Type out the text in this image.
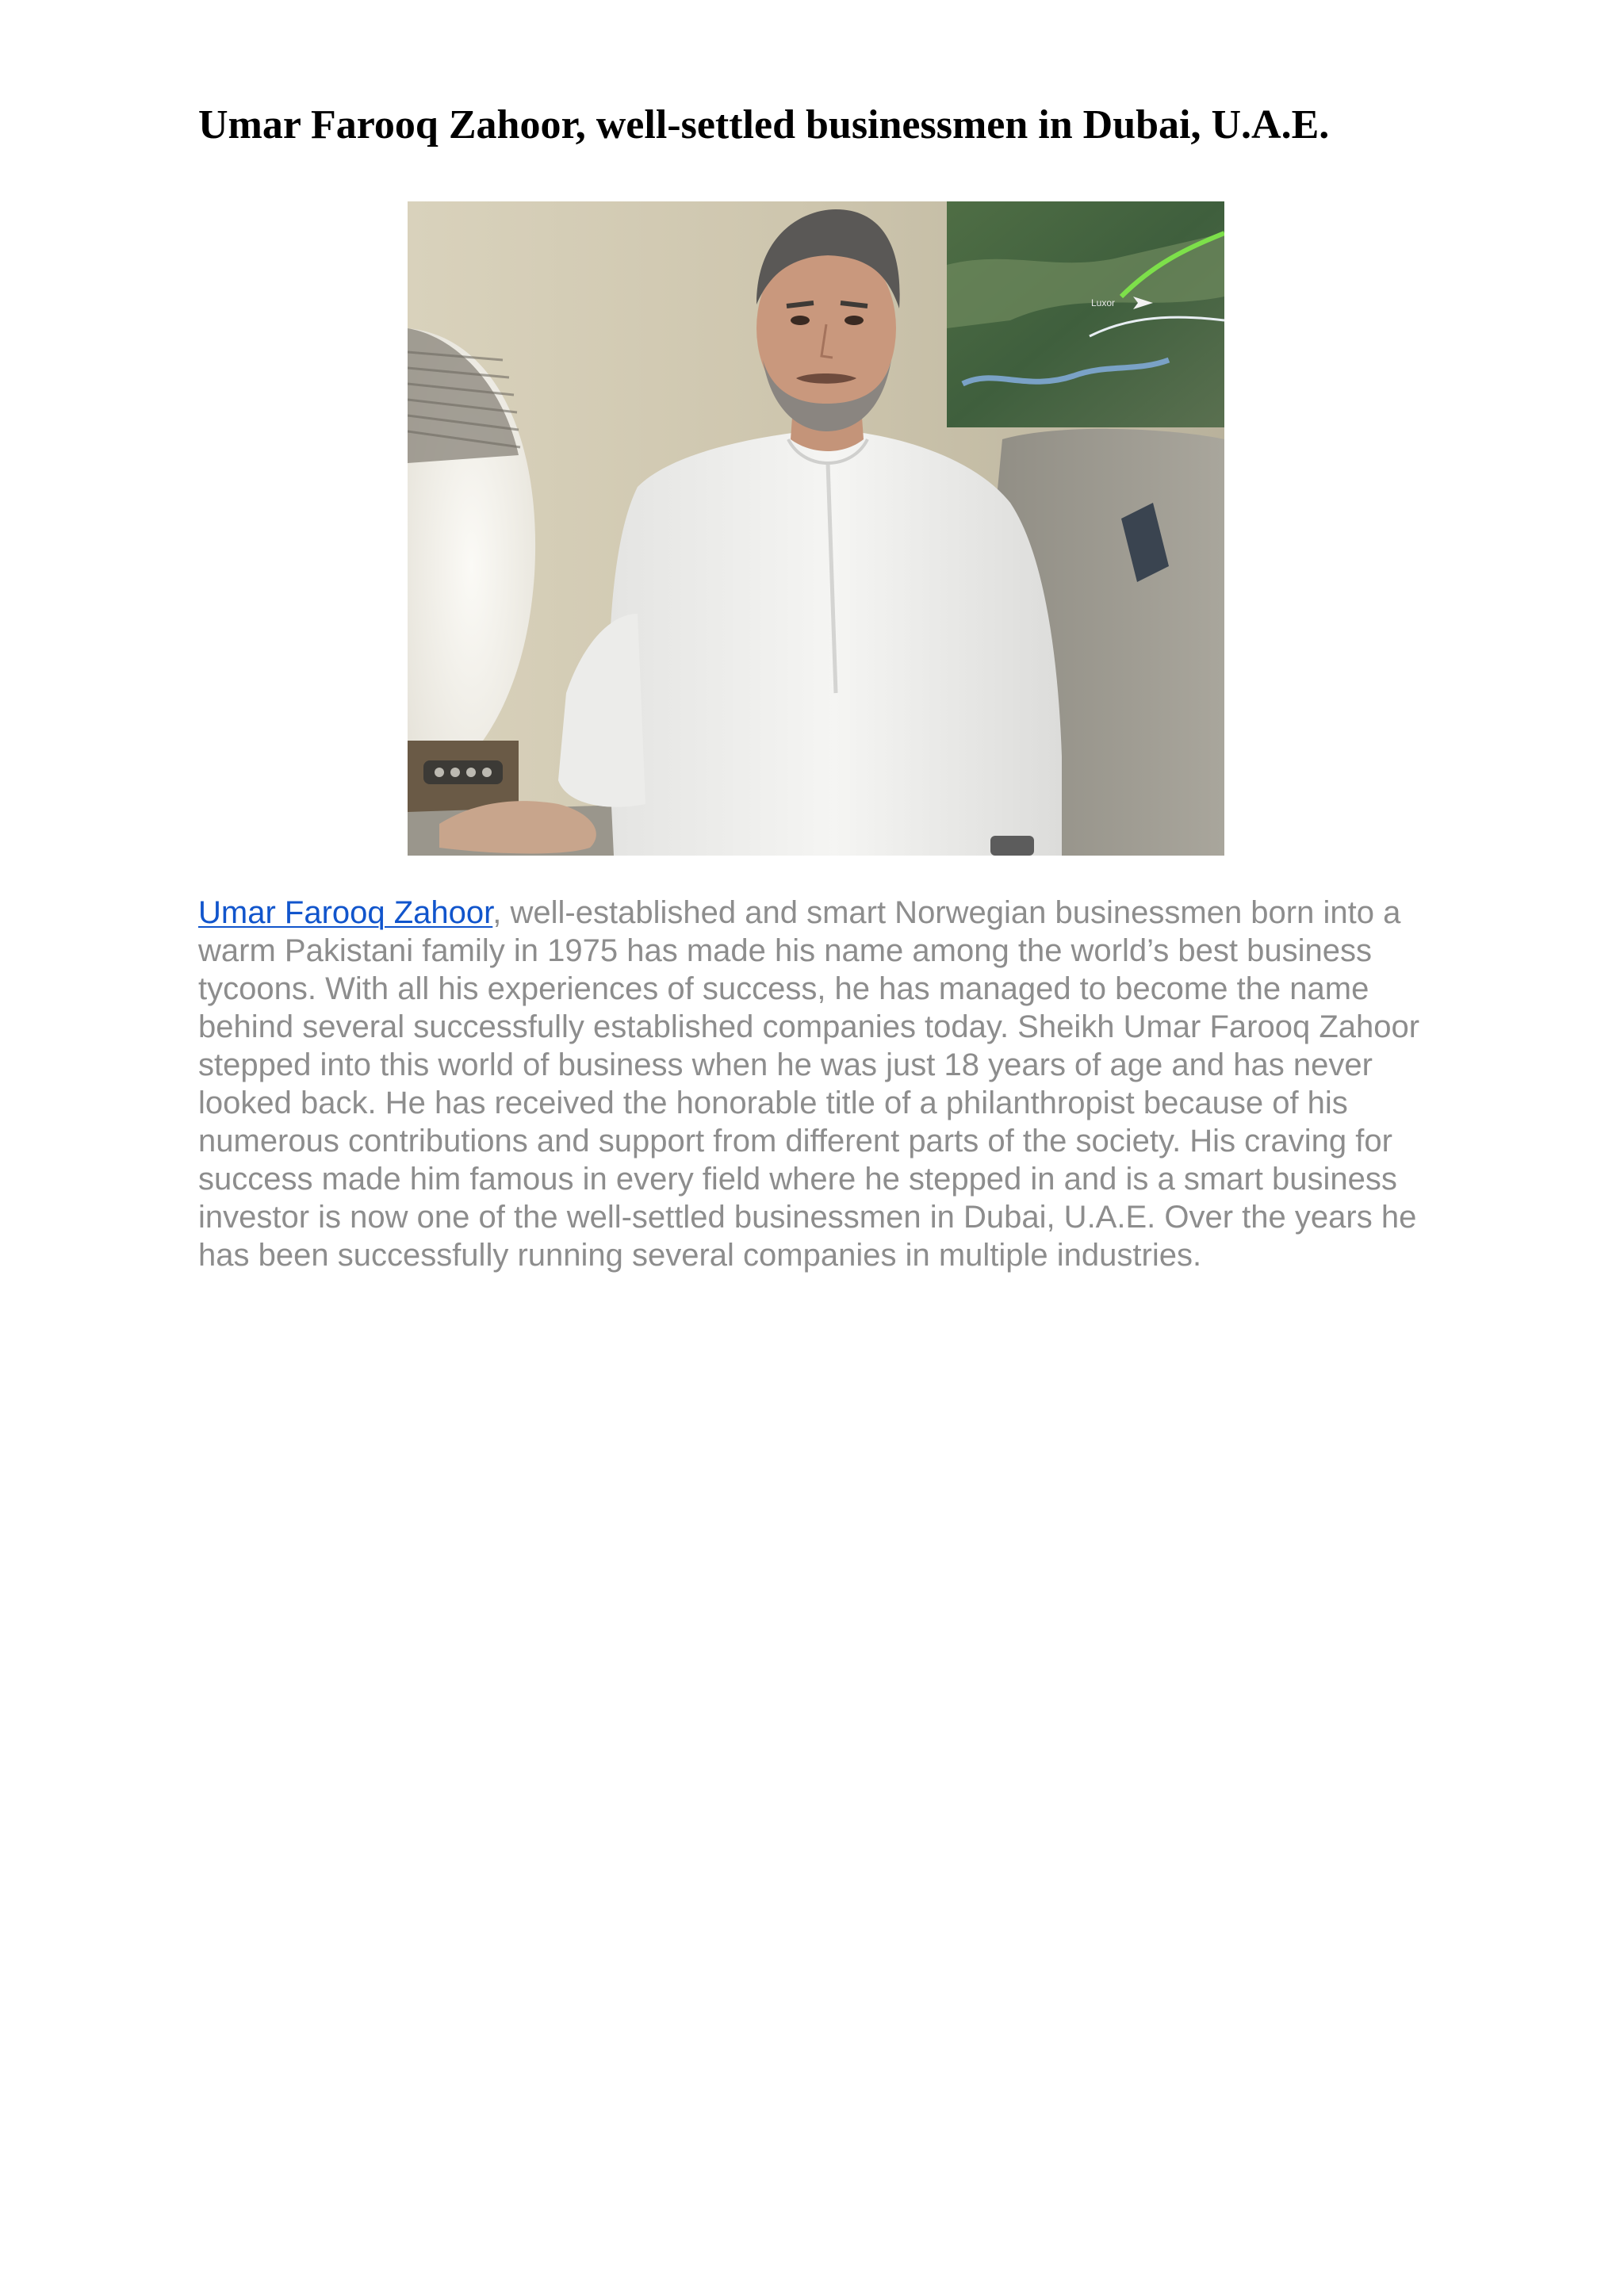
Umar Farooq Zahoor, well-settled businessmen in Dubai, U.A.E.
Luxor

Umar Farooq Zahoor, well-established and smart Norwegian businessmen born into a warm Pakistani family in 1975 has made his name among the world’s best business tycoons. With all his experiences of success, he has managed to become the name behind several successfully established companies today. Sheikh Umar Farooq Zahoor stepped into this world of business when he was just 18 years of age and has never looked back. He has received the honorable title of a philanthropist because of his numerous contributions and support from different parts of the society. His craving for success made him famous in every field where he stepped in and is a smart business investor is now one of the well-settled businessmen in Dubai, U.A.E. Over the years he has been successfully running several companies in multiple industries.
